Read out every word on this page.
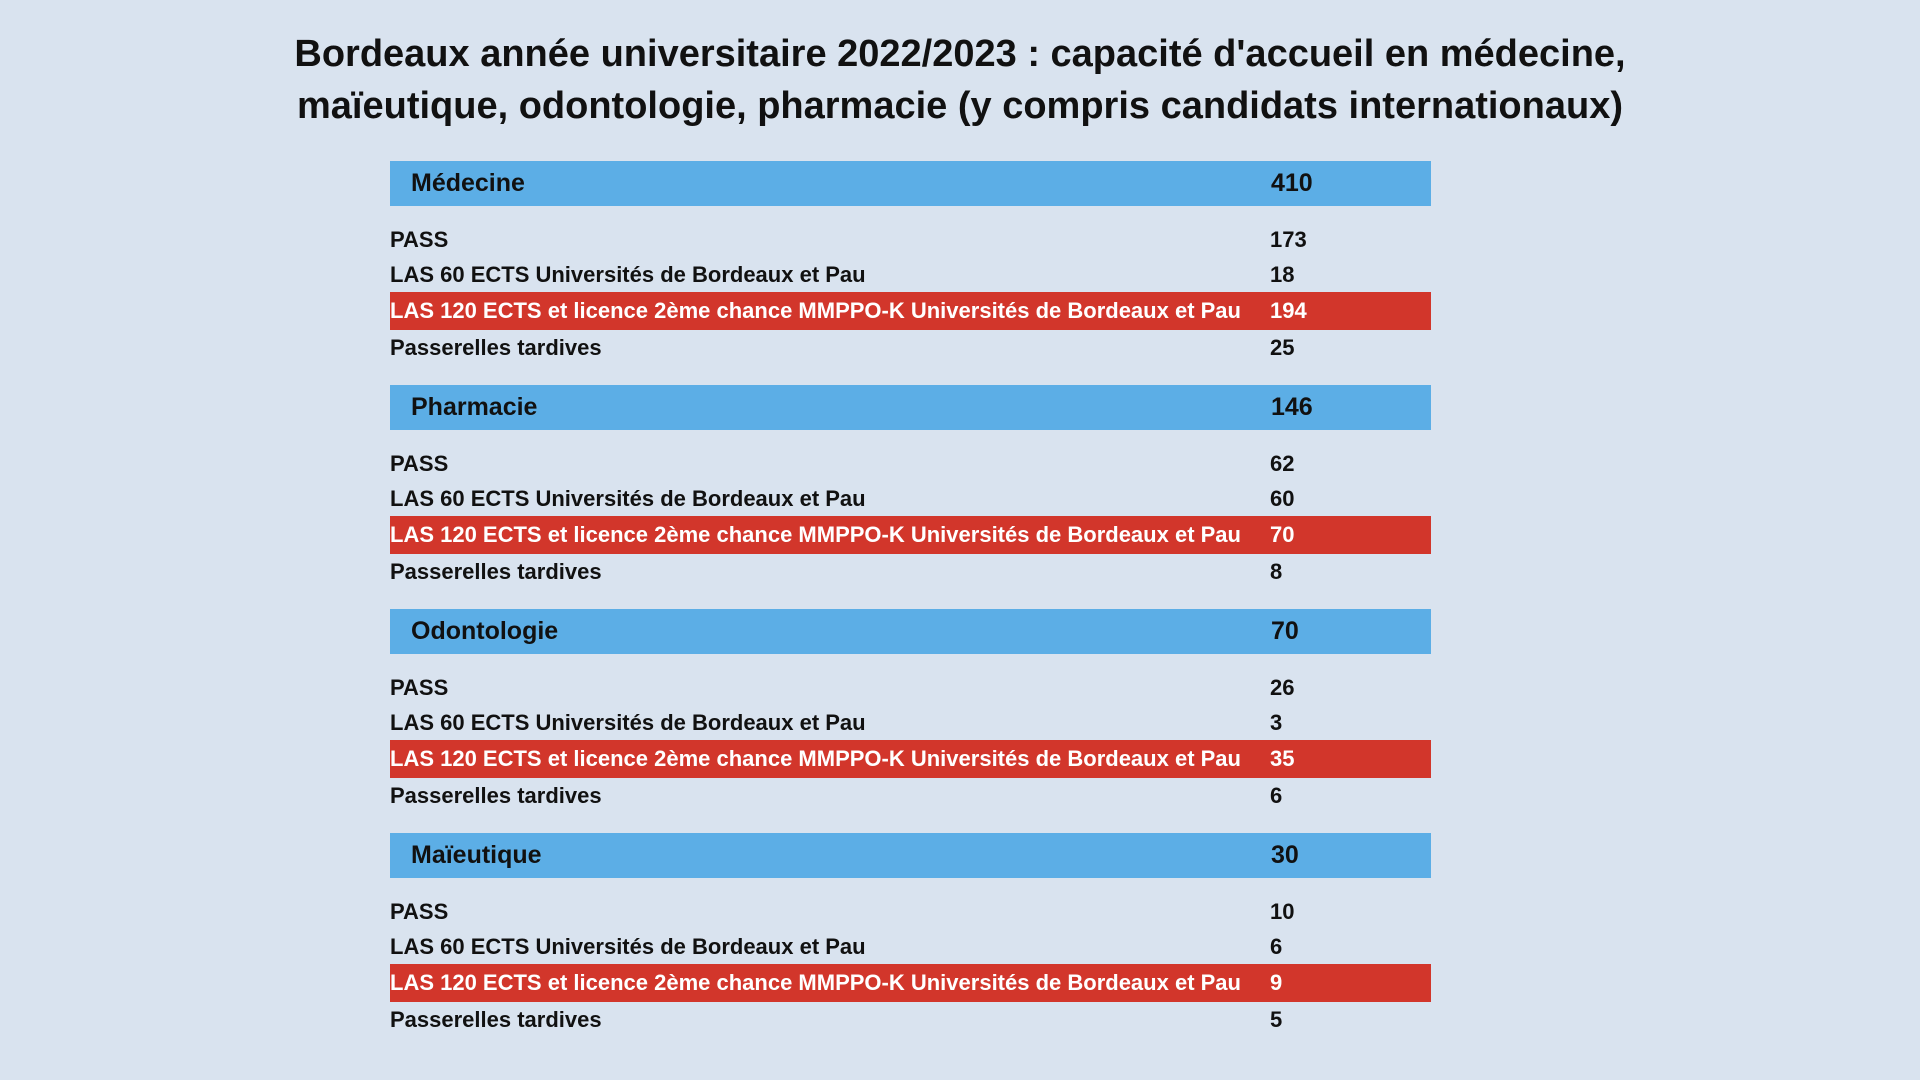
Bordeaux année universitaire 2022/2023 : capacité d'accueil en médecine,
maïeutique, odontologie, pharmacie (y compris candidats internationaux)
Médecine	410
PASS	173
LAS 60 ECTS Universités de Bordeaux et Pau	18
LAS 120 ECTS et licence 2ème chance MMPPO-K Universités de Bordeaux et Pau	194
Passerelles tardives	25
Pharmacie	146
PASS	62
LAS 60 ECTS Universités de Bordeaux et Pau	60
LAS 120 ECTS et licence 2ème chance MMPPO-K Universités de Bordeaux et Pau	70
Passerelles tardives	8
Odontologie	70
PASS	26
LAS 60 ECTS Universités de Bordeaux et Pau	3
LAS 120 ECTS et licence 2ème chance MMPPO-K Universités de Bordeaux et Pau	35
Passerelles tardives	6
Maïeutique	30
PASS	10
LAS 60 ECTS Universités de Bordeaux et Pau	6
LAS 120 ECTS et licence 2ème chance MMPPO-K Universités de Bordeaux et Pau	9
Passerelles tardives	5
